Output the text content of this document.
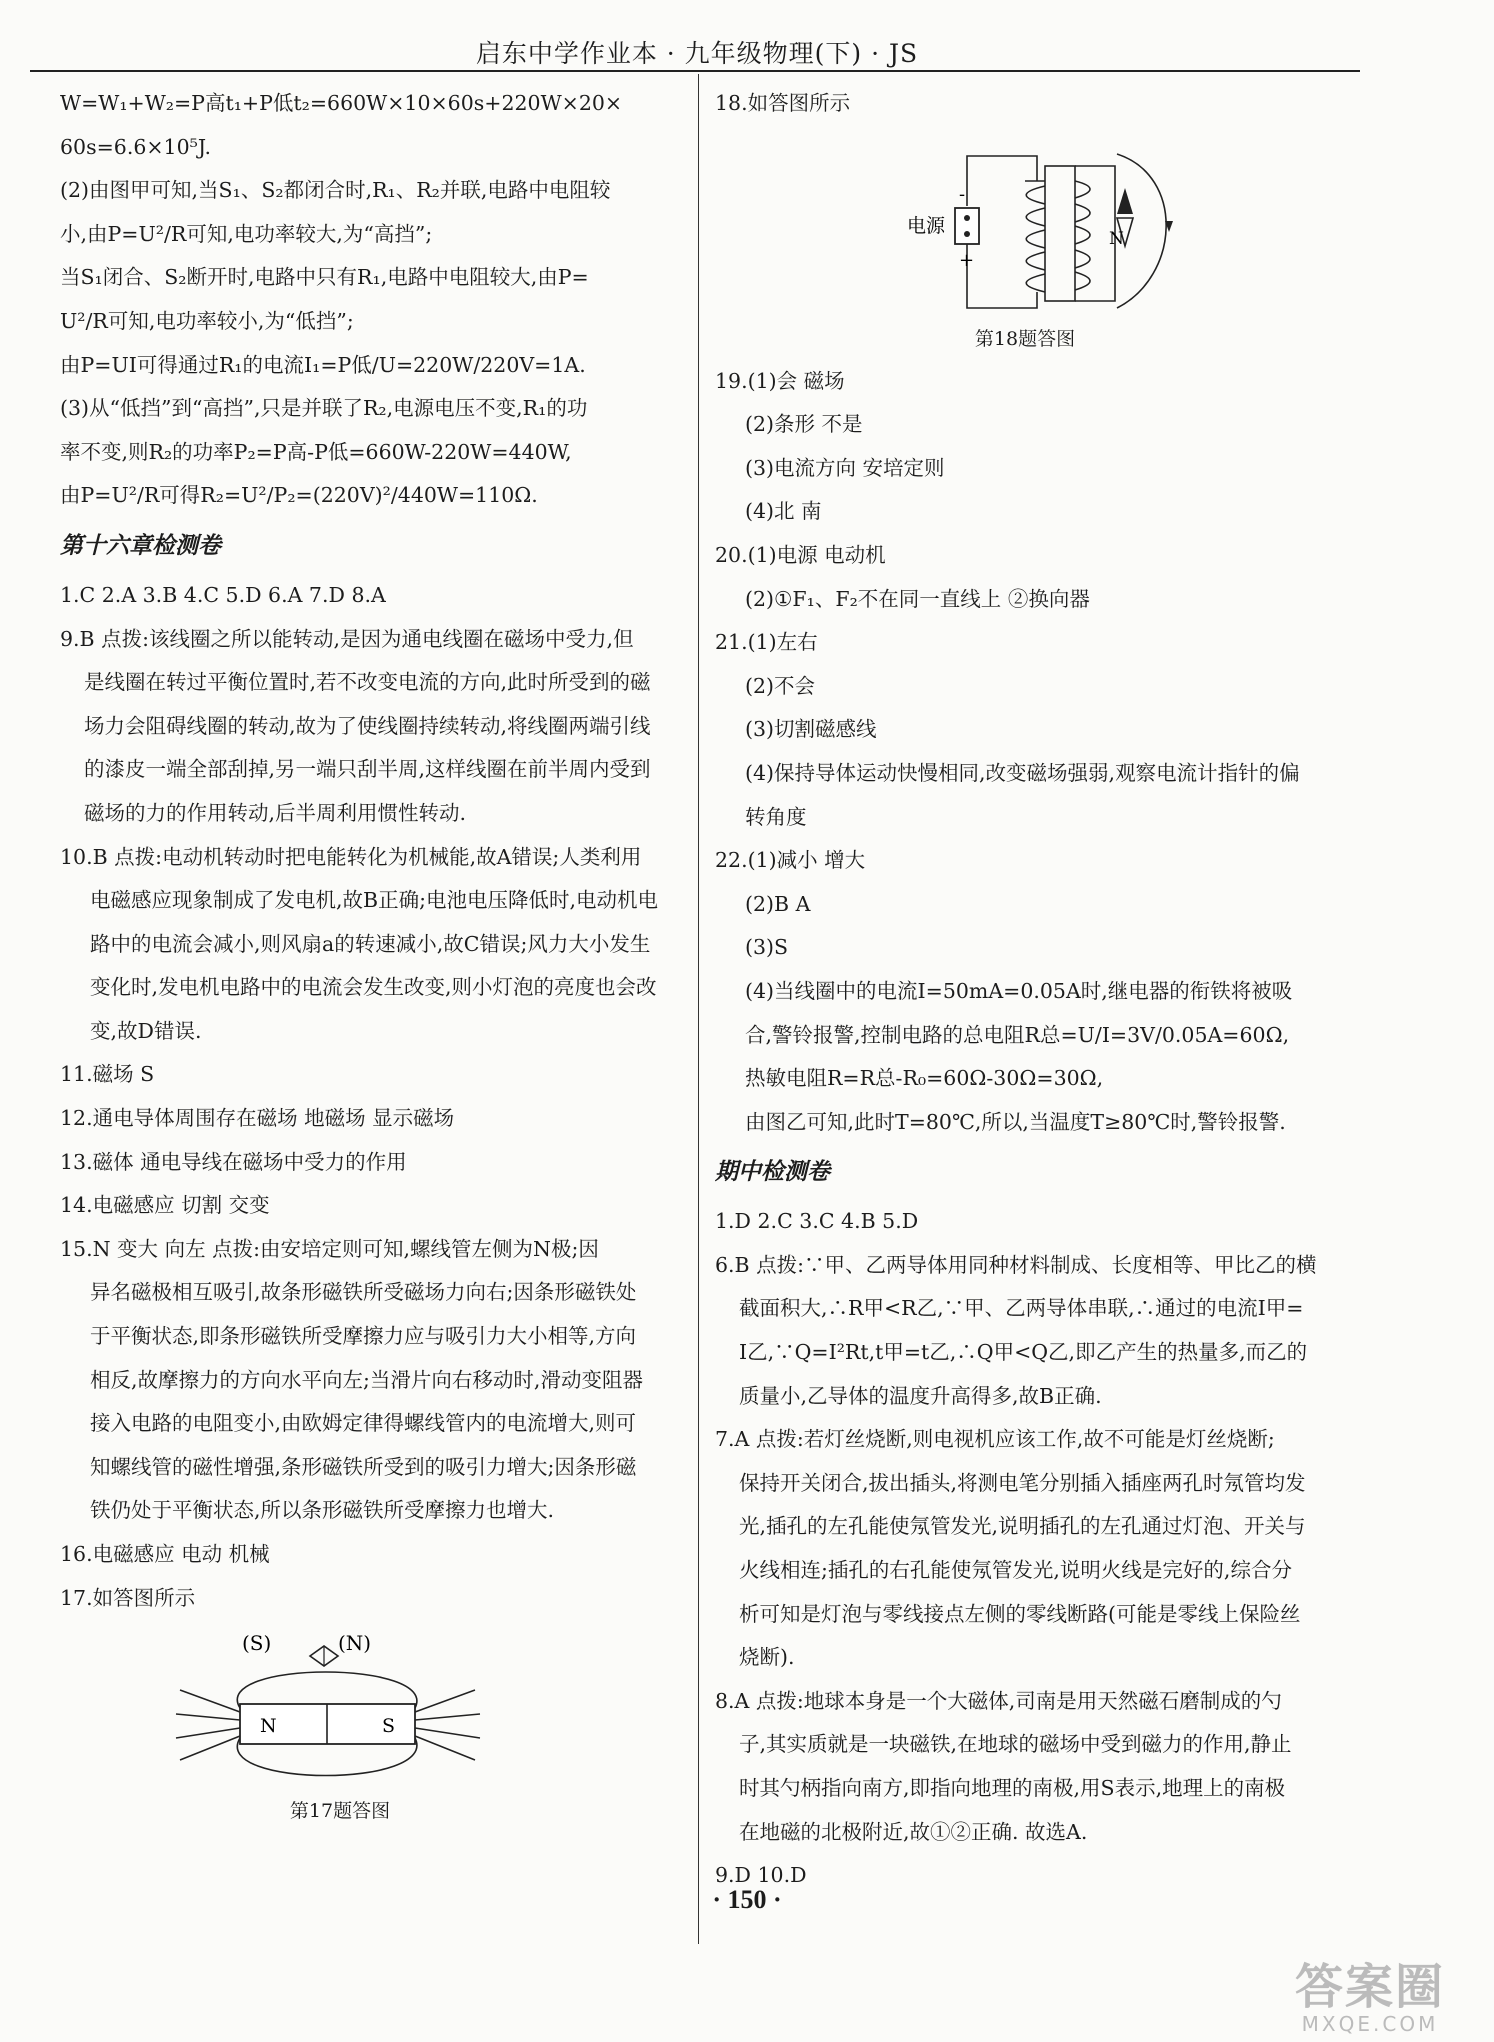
启东中学作业本 · 九年级物理(下) · JS
W=W₁+W₂=P高t₁+P低t₂=660W×10×60s+220W×20×
60s=6.6×10⁵J.
(2)由图甲可知,当S₁、S₂都闭合时,R₁、R₂并联,电路中电阻较
小,由P=U²/R可知,电功率较大,为“高挡”;
当S₁闭合、S₂断开时,电路中只有R₁,电路中电阻较大,由P=
U²/R可知,电功率较小,为“低挡”;
由P=UI可得通过R₁的电流I₁=P低/U=220W/220V=1A.
(3)从“低挡”到“高挡”,只是并联了R₂,电源电压不变,R₁的功
率不变,则R₂的功率P₂=P高-P低=660W-220W=440W,
由P=U²/R可得R₂=U²/P₂=(220V)²/440W=110Ω.
第十六章检测卷
1.C 2.A 3.B 4.C 5.D 6.A 7.D 8.A
9.B 点拨:该线圈之所以能转动,是因为通电线圈在磁场中受力,但
是线圈在转过平衡位置时,若不改变电流的方向,此时所受到的磁
场力会阻碍线圈的转动,故为了使线圈持续转动,将线圈两端引线
的漆皮一端全部刮掉,另一端只刮半周,这样线圈在前半周内受到
磁场的力的作用转动,后半周利用惯性转动.
10.B 点拨:电动机转动时把电能转化为机械能,故A错误;人类利用
电磁感应现象制成了发电机,故B正确;电池电压降低时,电动机电
路中的电流会减小,则风扇a的转速减小,故C错误;风力大小发生
变化时,发电机电路中的电流会发生改变,则小灯泡的亮度也会改
变,故D错误.
11.磁场 S
12.通电导体周围存在磁场 地磁场 显示磁场
13.磁体 通电导线在磁场中受力的作用
14.电磁感应 切割 交变
15.N 变大 向左 点拨:由安培定则可知,螺线管左侧为N极;因
异名磁极相互吸引,故条形磁铁所受磁场力向右;因条形磁铁处
于平衡状态,即条形磁铁所受摩擦力应与吸引力大小相等,方向
相反,故摩擦力的方向水平向左;当滑片向右移动时,滑动变阻器
接入电路的电阻变小,由欧姆定律得螺线管内的电流增大,则可
知螺线管的磁性增强,条形磁铁所受到的吸引力增大;因条形磁
铁仍处于平衡状态,所以条形磁铁所受摩擦力也增大.
16.电磁感应 电动 机械
17.如答图所示
(S)	(N)
N	S
第17题答图
18.如答图所示
-
+
电源
N
第18题答图
19.(1)会 磁场
(2)条形 不是
(3)电流方向 安培定则
(4)北 南
20.(1)电源 电动机
(2)①F₁、F₂不在同一直线上 ②换向器
21.(1)左右
(2)不会
(3)切割磁感线
(4)保持导体运动快慢相同,改变磁场强弱,观察电流计指针的偏
转角度
22.(1)减小 增大
(2)B A
(3)S
(4)当线圈中的电流I=50mA=0.05A时,继电器的衔铁将被吸
合,警铃报警,控制电路的总电阻R总=U/I=3V/0.05A=60Ω,
热敏电阻R=R总-R₀=60Ω-30Ω=30Ω,
由图乙可知,此时T=80℃,所以,当温度T≥80℃时,警铃报警.
期中检测卷
1.D 2.C 3.C 4.B 5.D
6.B 点拨:∵甲、乙两导体用同种材料制成、长度相等、甲比乙的横
截面积大,∴R甲<R乙,∵甲、乙两导体串联,∴通过的电流I甲=
I乙,∵Q=I²Rt,t甲=t乙,∴Q甲<Q乙,即乙产生的热量多,而乙的
质量小,乙导体的温度升高得多,故B正确.
7.A 点拨:若灯丝烧断,则电视机应该工作,故不可能是灯丝烧断;
保持开关闭合,拔出插头,将测电笔分别插入插座两孔时氖管均发
光,插孔的左孔能使氖管发光,说明插孔的左孔通过灯泡、开关与
火线相连;插孔的右孔能使氖管发光,说明火线是完好的,综合分
析可知是灯泡与零线接点左侧的零线断路(可能是零线上保险丝
烧断).
8.A 点拨:地球本身是一个大磁体,司南是用天然磁石磨制成的勺
子,其实质就是一块磁铁,在地球的磁场中受到磁力的作用,静止
时其勺柄指向南方,即指向地理的南极,用S表示,地理上的南极
在地磁的北极附近,故①②正确. 故选A.
9.D 10.D
· 150 ·
答案圈
MXQE.COM
